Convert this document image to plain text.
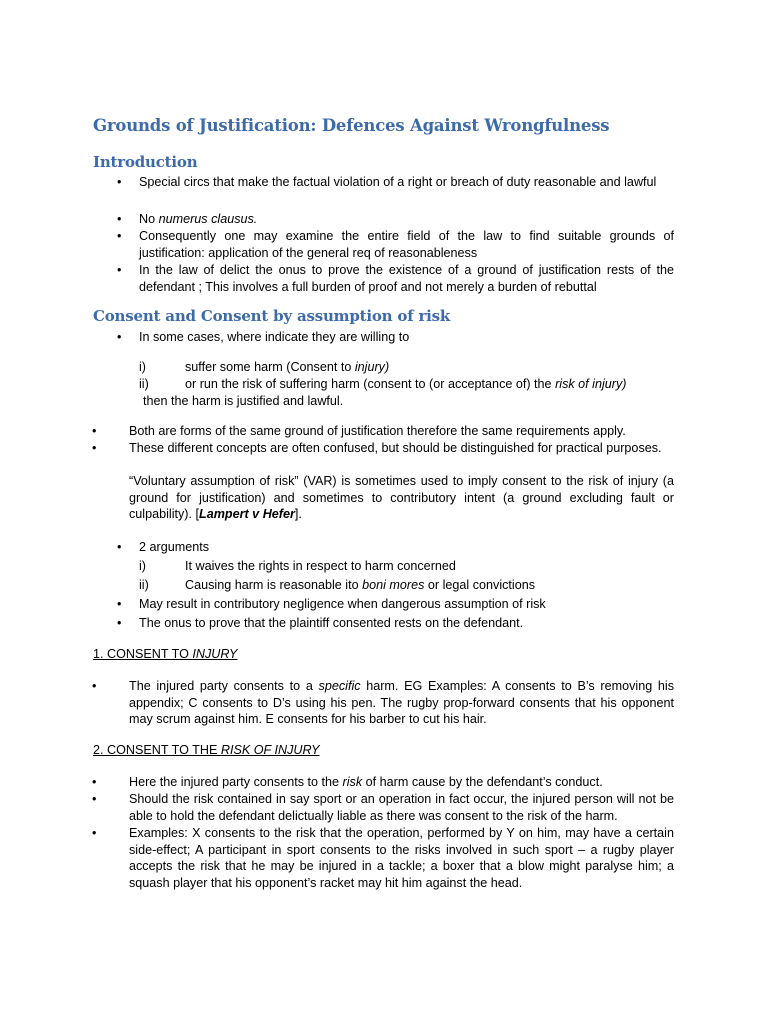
Grounds of Justification: Defences Against Wrongfulness
Introduction
•	Special circs that make the factual violation of a right or breach of duty reasonable and lawful
•	No numerus clausus.
•	Consequently one may examine the entire field of the law to find suitable grounds of justification: application of the general req of reasonableness
•	In the law of delict the onus to prove the existence of a ground of justification rests of the defendant ; This involves a full burden of proof and not merely a burden of rebuttal
Consent and Consent by assumption of risk
•	In some cases, where indicate they are willing to
i)	suffer some harm (Consent to injury)
ii)	or run the risk of suffering harm (consent to (or acceptance of) the risk of injury)
then the harm is justified and lawful.
•	Both are forms of the same ground of justification therefore the same requirements apply.
•	These different concepts are often confused, but should be distinguished for practical purposes.
“Voluntary assumption of risk” (VAR) is sometimes used to imply consent to the risk of injury (a ground for justification) and sometimes to contributory intent (a ground excluding fault or culpability). [Lampert v Hefer].
•	2 arguments
i)	It waives the rights in respect to harm concerned
ii)	Causing harm is reasonable ito boni mores or legal convictions
•	May result in contributory negligence when dangerous assumption of risk
•	The onus to prove that the plaintiff consented rests on the defendant.
1. CONSENT TO INJURY
•	The injured party consents to a specific harm. EG Examples: A consents to B’s removing his appendix; C consents to D’s using his pen. The rugby prop-forward consents that his opponent may scrum against him. E consents for his barber to cut his hair.
2. CONSENT TO THE RISK OF INJURY
•	Here the injured party consents to the risk of harm cause by the defendant’s conduct.
•	Should the risk contained in say sport or an operation in fact occur, the injured person will not be able to hold the defendant delictually liable as there was consent to the risk of the harm.
•	Examples: X consents to the risk that the operation, performed by Y on him, may have a certain side-effect; A participant in sport consents to the risks involved in such sport – a rugby player accepts the risk that he may be injured in a tackle; a boxer that a blow might paralyse him; a squash player that his opponent’s racket may hit him against the head.
